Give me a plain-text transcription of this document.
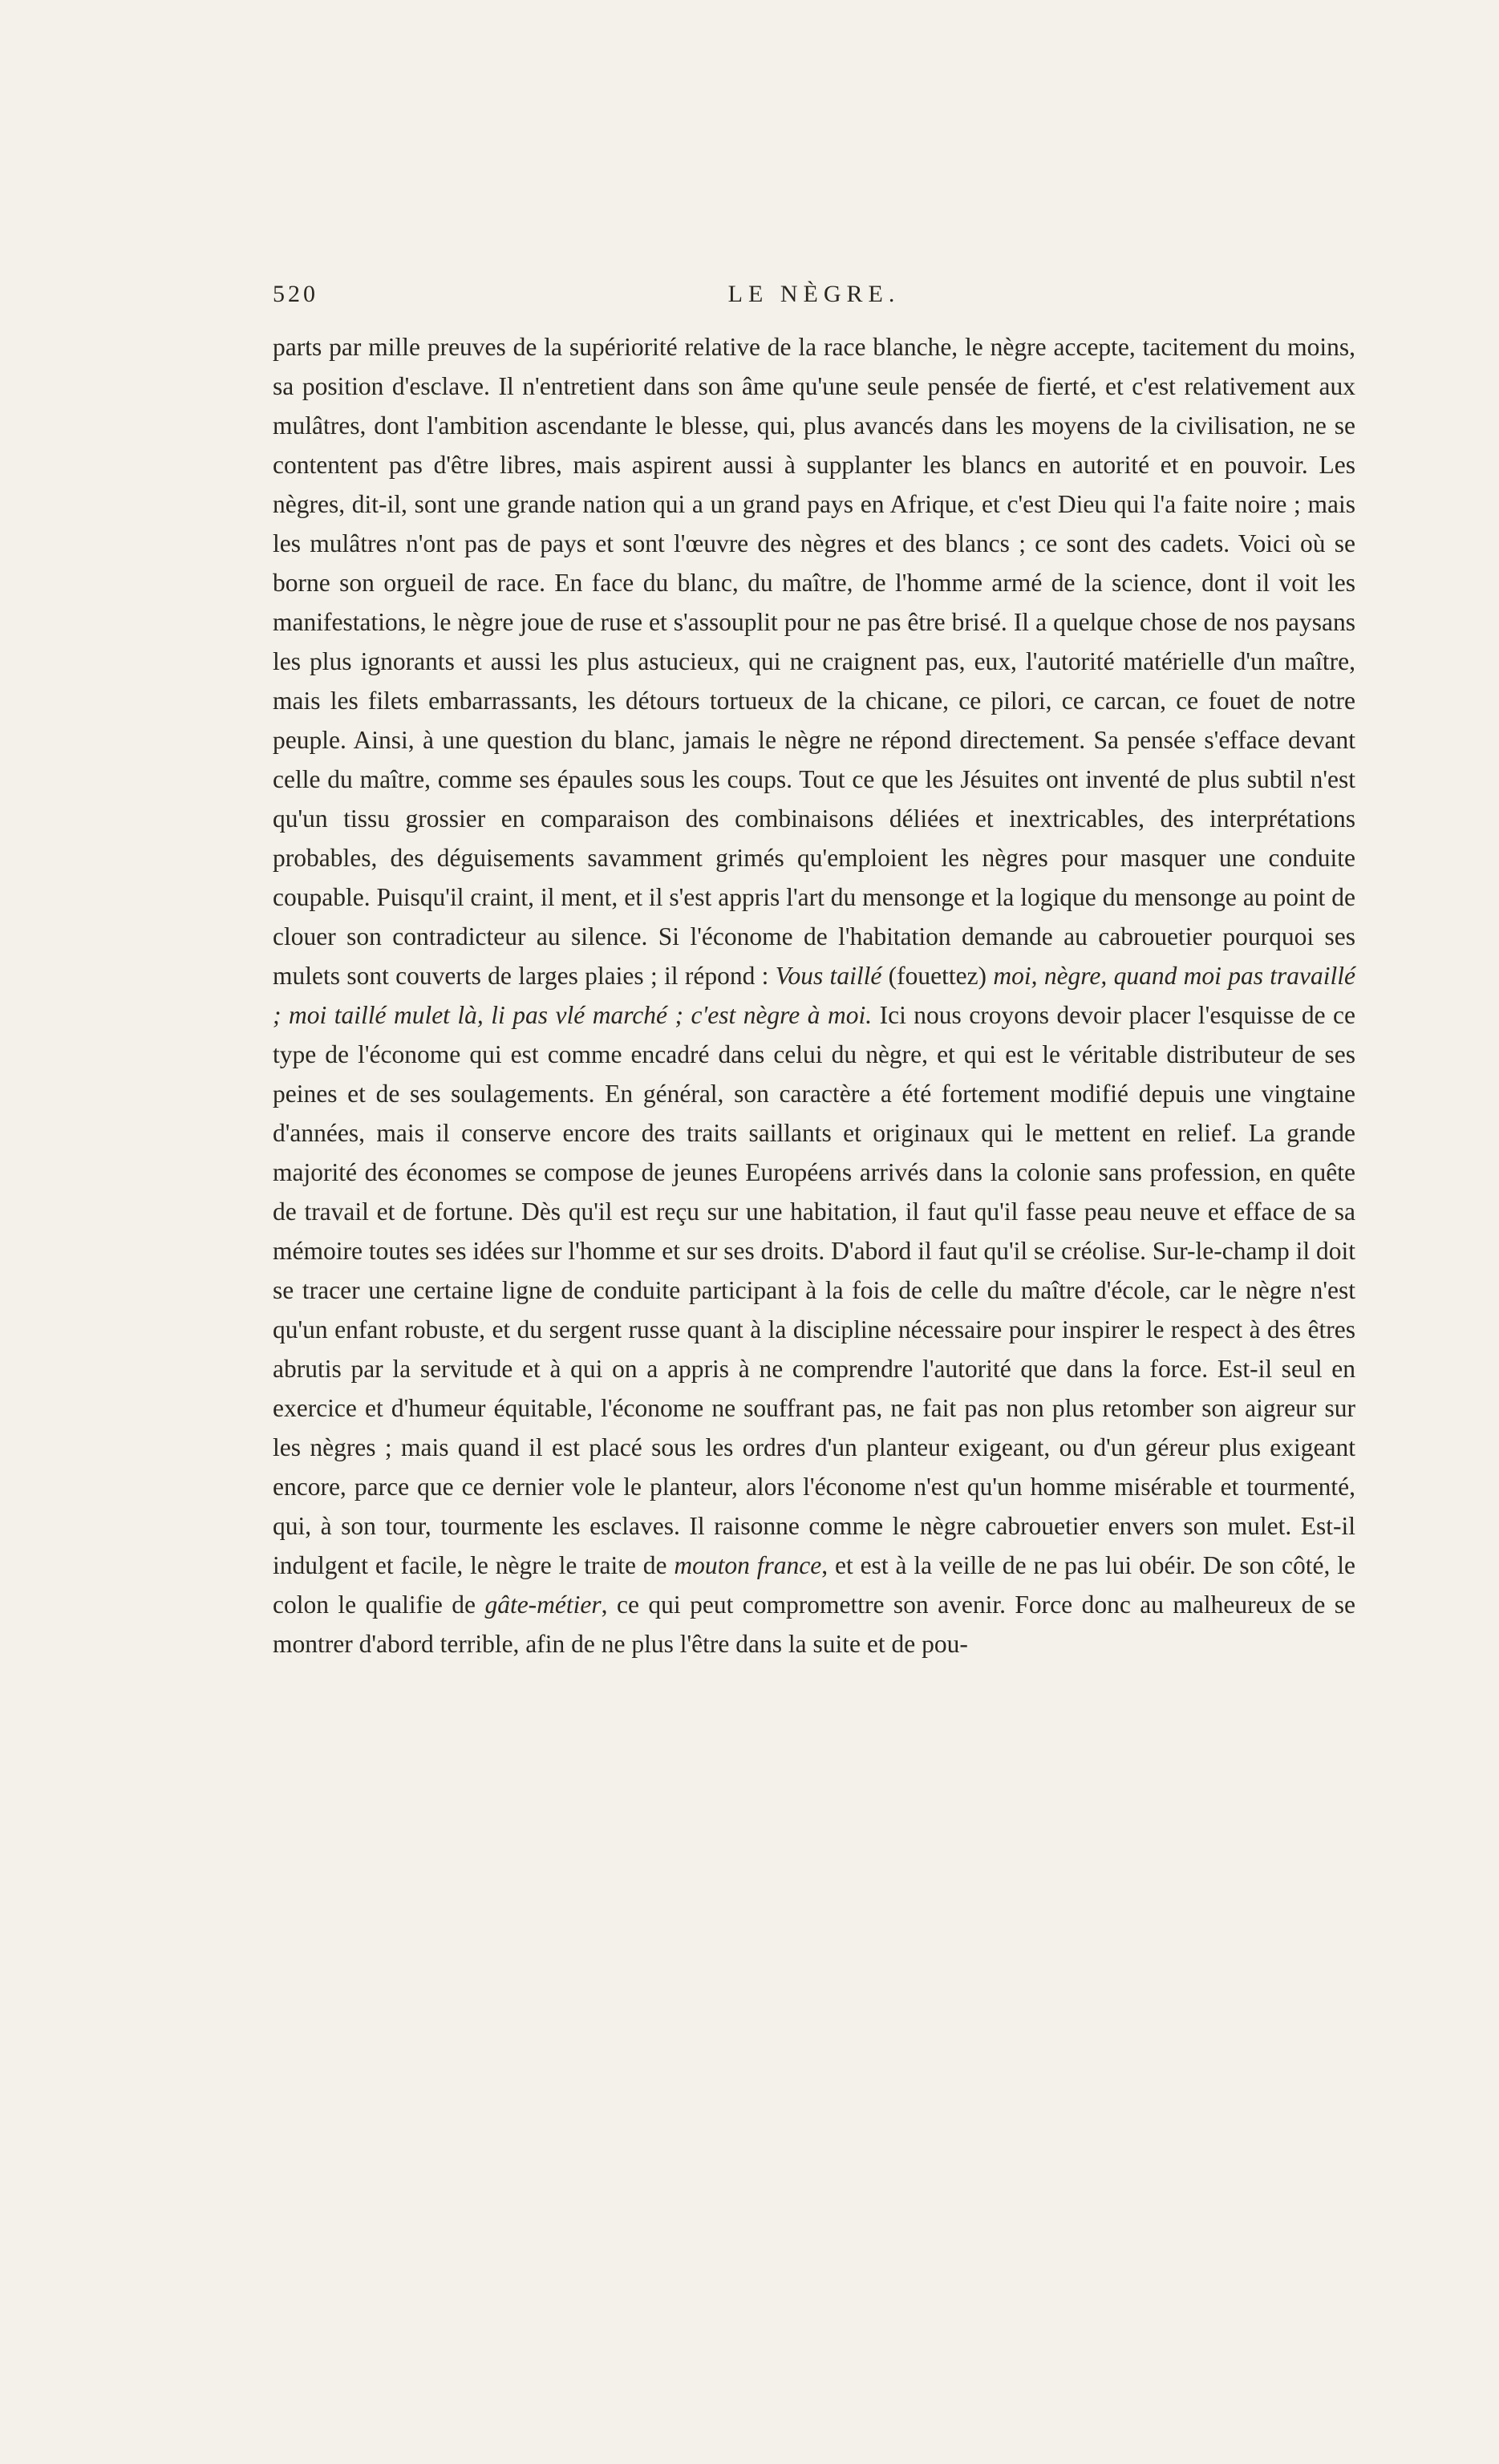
520	LE NÈGRE.

parts par mille preuves de la supériorité relative de la race blanche, le nègre accepte, tacitement du moins, sa position d'esclave. Il n'entretient dans son âme qu'une seule pensée de fierté, et c'est relativement aux mulâtres, dont l'ambition ascendante le blesse, qui, plus avancés dans les moyens de la civilisation, ne se contentent pas d'être libres, mais aspirent aussi à supplanter les blancs en autorité et en pouvoir. Les nègres, dit-il, sont une grande nation qui a un grand pays en Afrique, et c'est Dieu qui l'a faite noire ; mais les mulâtres n'ont pas de pays et sont l'œuvre des nègres et des blancs ; ce sont des cadets. Voici où se borne son orgueil de race. En face du blanc, du maître, de l'homme armé de la science, dont il voit les manifestations, le nègre joue de ruse et s'assouplit pour ne pas être brisé. Il a quelque chose de nos paysans les plus ignorants et aussi les plus astucieux, qui ne craignent pas, eux, l'autorité matérielle d'un maître, mais les filets embarrassants, les détours tortueux de la chicane, ce pilori, ce carcan, ce fouet de notre peuple. Ainsi, à une question du blanc, jamais le nègre ne répond directement. Sa pensée s'efface devant celle du maître, comme ses épaules sous les coups. Tout ce que les Jésuites ont inventé de plus subtil n'est qu'un tissu grossier en comparaison des combinaisons déliées et inextricables, des interprétations probables, des déguisements savamment grimés qu'emploient les nègres pour masquer une conduite coupable. Puisqu'il craint, il ment, et il s'est appris l'art du mensonge et la logique du mensonge au point de clouer son contradicteur au silence. Si l'économe de l'habitation demande au cabrouetier pourquoi ses mulets sont couverts de larges plaies ; il répond : Vous taillé (fouettez) moi, nègre, quand moi pas travaillé ; moi taillé mulet là, li pas vlé marché ; c'est nègre à moi. Ici nous croyons devoir placer l'esquisse de ce type de l'économe qui est comme encadré dans celui du nègre, et qui est le véritable distributeur de ses peines et de ses soulagements. En général, son caractère a été fortement modifié depuis une vingtaine d'années, mais il conserve encore des traits saillants et originaux qui le mettent en relief. La grande majorité des économes se compose de jeunes Européens arrivés dans la colonie sans profession, en quête de travail et de fortune. Dès qu'il est reçu sur une habitation, il faut qu'il fasse peau neuve et efface de sa mémoire toutes ses idées sur l'homme et sur ses droits. D'abord il faut qu'il se créolise. Sur-le-champ il doit se tracer une certaine ligne de conduite participant à la fois de celle du maître d'école, car le nègre n'est qu'un enfant robuste, et du sergent russe quant à la discipline nécessaire pour inspirer le respect à des êtres abrutis par la servitude et à qui on a appris à ne comprendre l'autorité que dans la force. Est-il seul en exercice et d'humeur équitable, l'économe ne souffrant pas, ne fait pas non plus retomber son aigreur sur les nègres ; mais quand il est placé sous les ordres d'un planteur exigeant, ou d'un géreur plus exigeant encore, parce que ce dernier vole le planteur, alors l'économe n'est qu'un homme misérable et tourmenté, qui, à son tour, tourmente les esclaves. Il raisonne comme le nègre cabrouetier envers son mulet. Est-il indulgent et facile, le nègre le traite de mouton france, et est à la veille de ne pas lui obéir. De son côté, le colon le qualifie de gâte-métier, ce qui peut compromettre son avenir. Force donc au malheureux de se montrer d'abord terrible, afin de ne plus l'être dans la suite et de pou-
